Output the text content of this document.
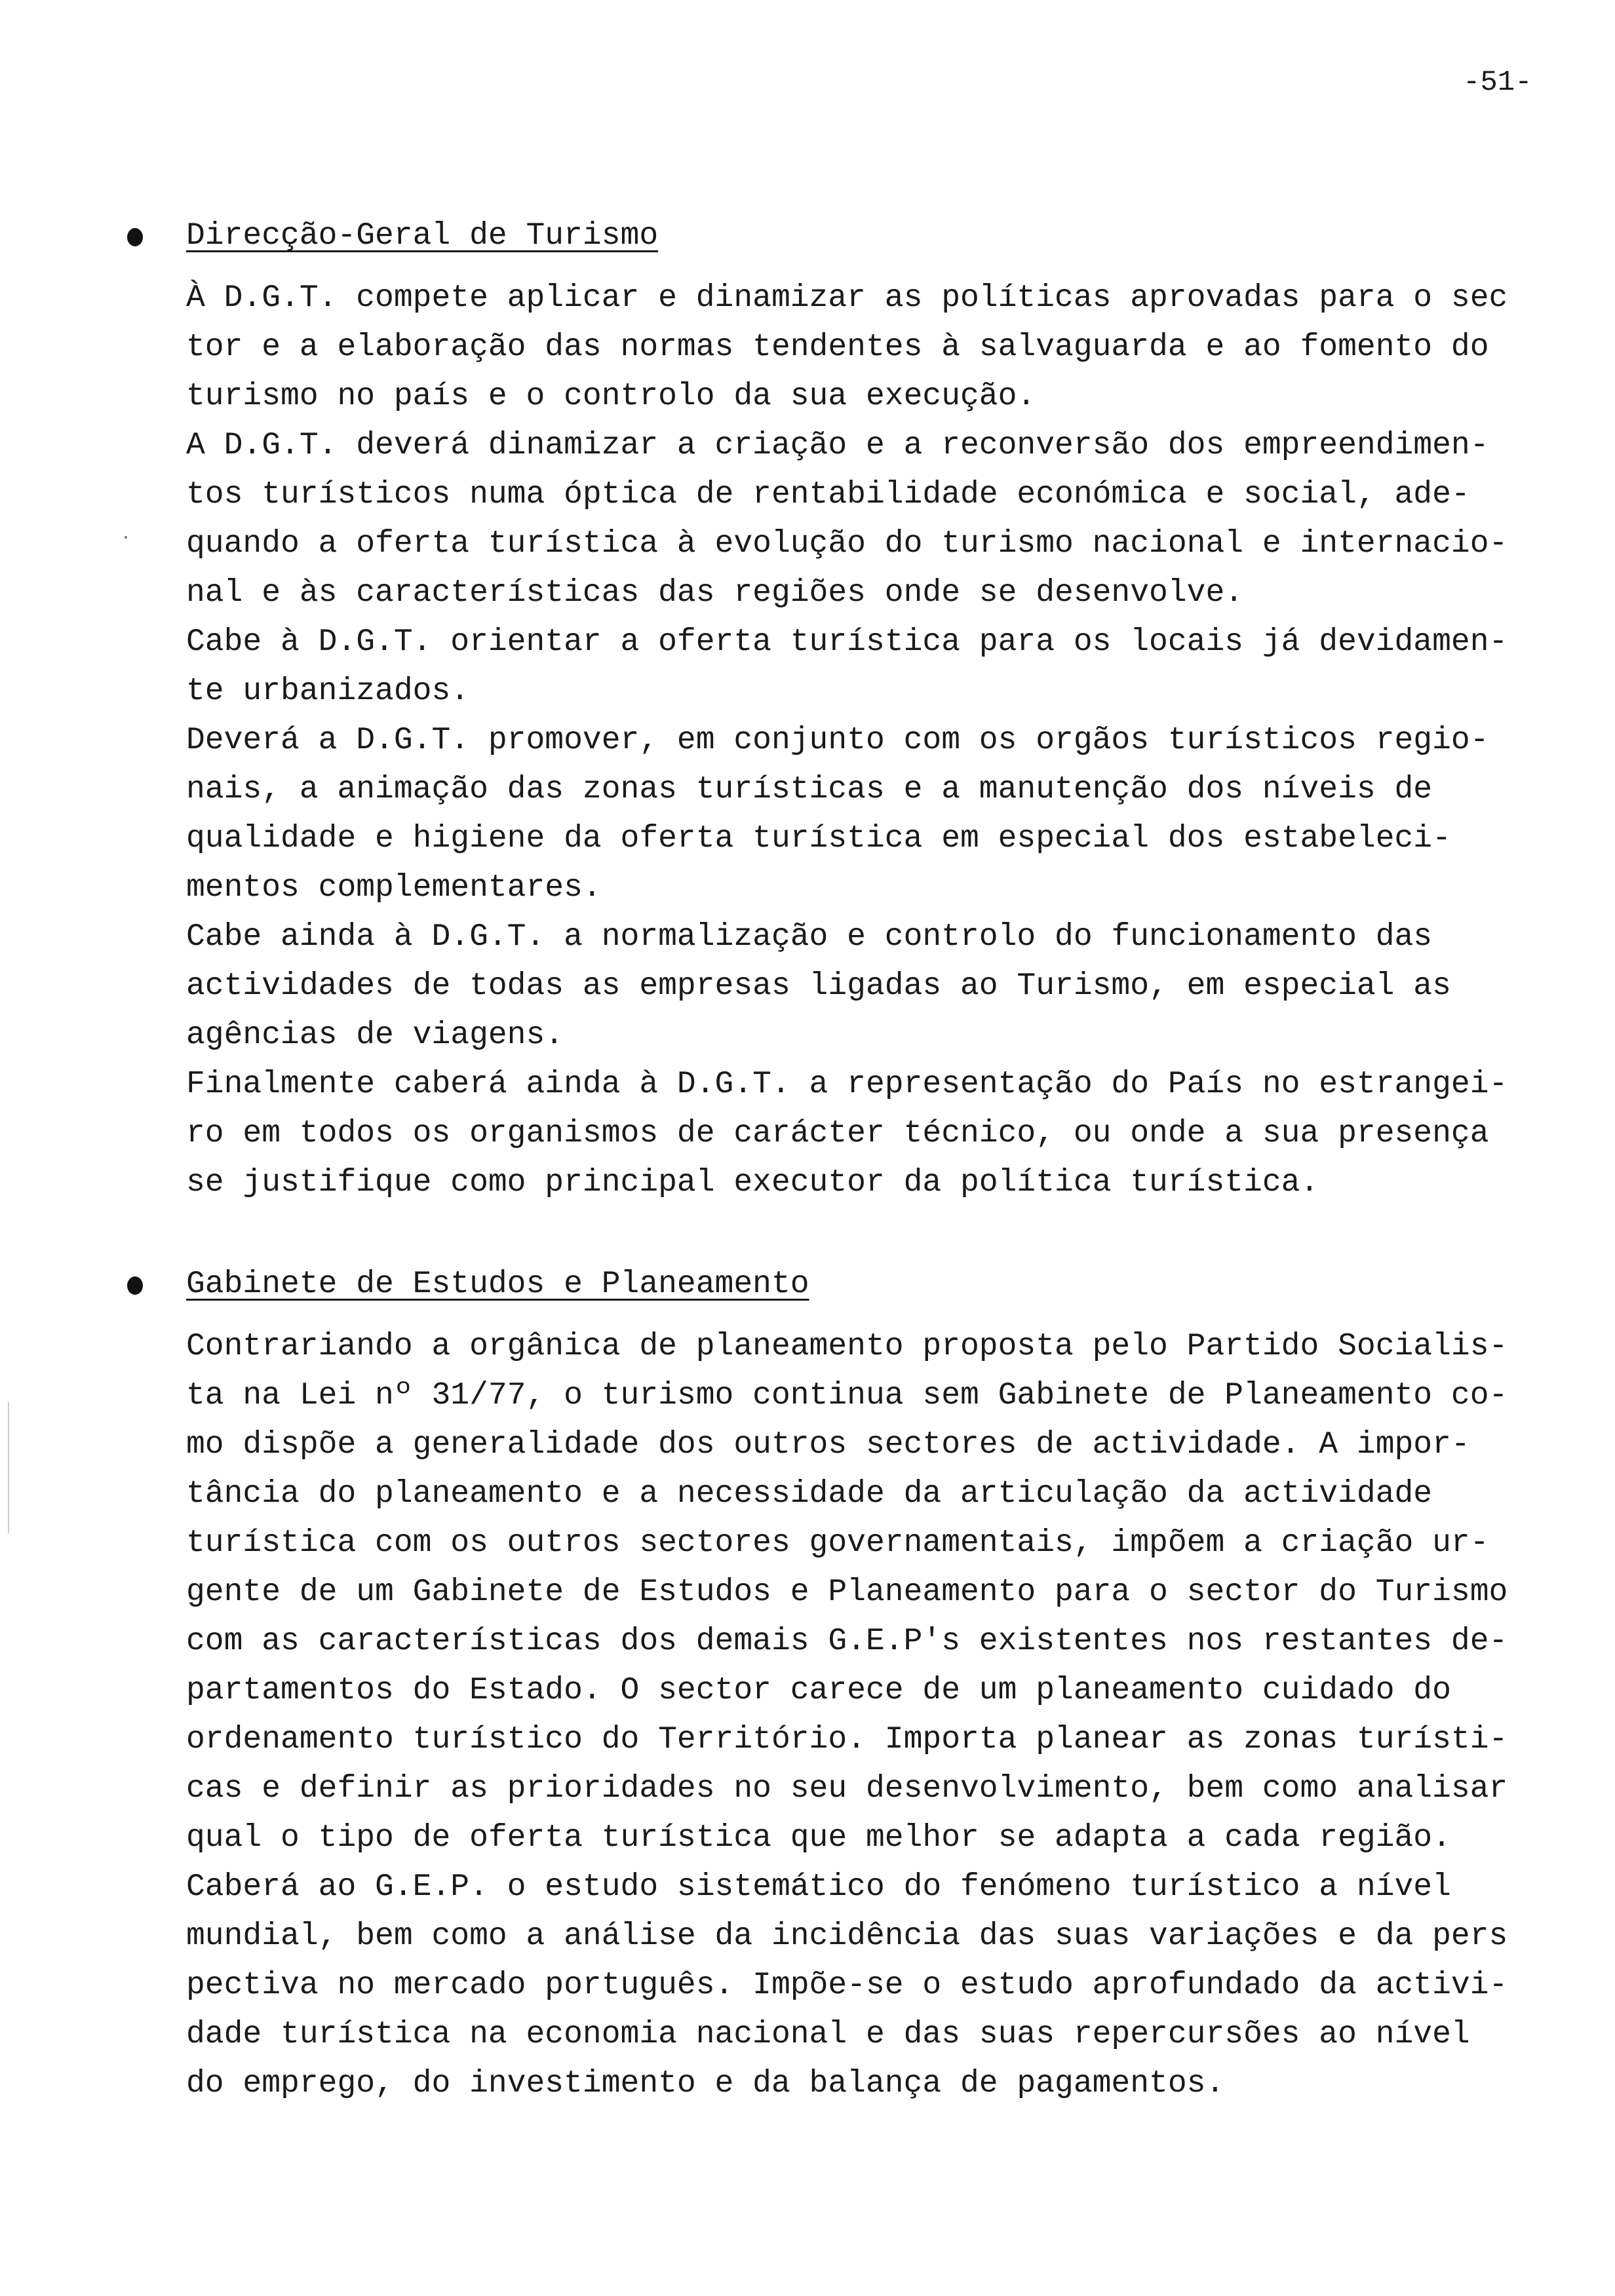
-51-
Direcção-Geral de Turismo
À D.G.T. compete aplicar e dinamizar as políticas aprovadas para o sec
tor e a elaboração das normas tendentes à salvaguarda e ao fomento do
turismo no país e o controlo da sua execução.
A D.G.T. deverá dinamizar a criação e a reconversão dos empreendimen-
tos turísticos numa óptica de rentabilidade económica e social, ade-
quando a oferta turística à evolução do turismo nacional e internacio-
nal e às características das regiões onde se desenvolve.
Cabe à D.G.T. orientar a oferta turística para os locais já devidamen-
te urbanizados.
Deverá a D.G.T. promover, em conjunto com os orgãos turísticos regio-
nais, a animação das zonas turísticas e a manutenção dos níveis de
qualidade e higiene da oferta turística em especial dos estabeleci-
mentos complementares.
Cabe ainda à D.G.T. a normalização e controlo do funcionamento das
actividades de todas as empresas ligadas ao Turismo, em especial as
agências de viagens.
Finalmente caberá ainda à D.G.T. a representação do País no estrangei-
ro em todos os organismos de carácter técnico, ou onde a sua presença
se justifique como principal executor da política turística.
Gabinete de Estudos e Planeamento
Contrariando a orgânica de planeamento proposta pelo Partido Socialis-
ta na Lei nº 31/77, o turismo continua sem Gabinete de Planeamento co-
mo dispõe a generalidade dos outros sectores de actividade. A impor-
tância do planeamento e a necessidade da articulação da actividade
turística com os outros sectores governamentais, impõem a criação ur-
gente de um Gabinete de Estudos e Planeamento para o sector do Turismo
com as características dos demais G.E.P's existentes nos restantes de-
partamentos do Estado. O sector carece de um planeamento cuidado do
ordenamento turístico do Território. Importa planear as zonas turísti-
cas e definir as prioridades no seu desenvolvimento, bem como analisar
qual o tipo de oferta turística que melhor se adapta a cada região.
Caberá ao G.E.P. o estudo sistemático do fenómeno turístico a nível
mundial, bem como a análise da incidência das suas variações e da pers
pectiva no mercado português. Impõe-se o estudo aprofundado da activi-
dade turística na economia nacional e das suas repercursões ao nível
do emprego, do investimento e da balança de pagamentos.
